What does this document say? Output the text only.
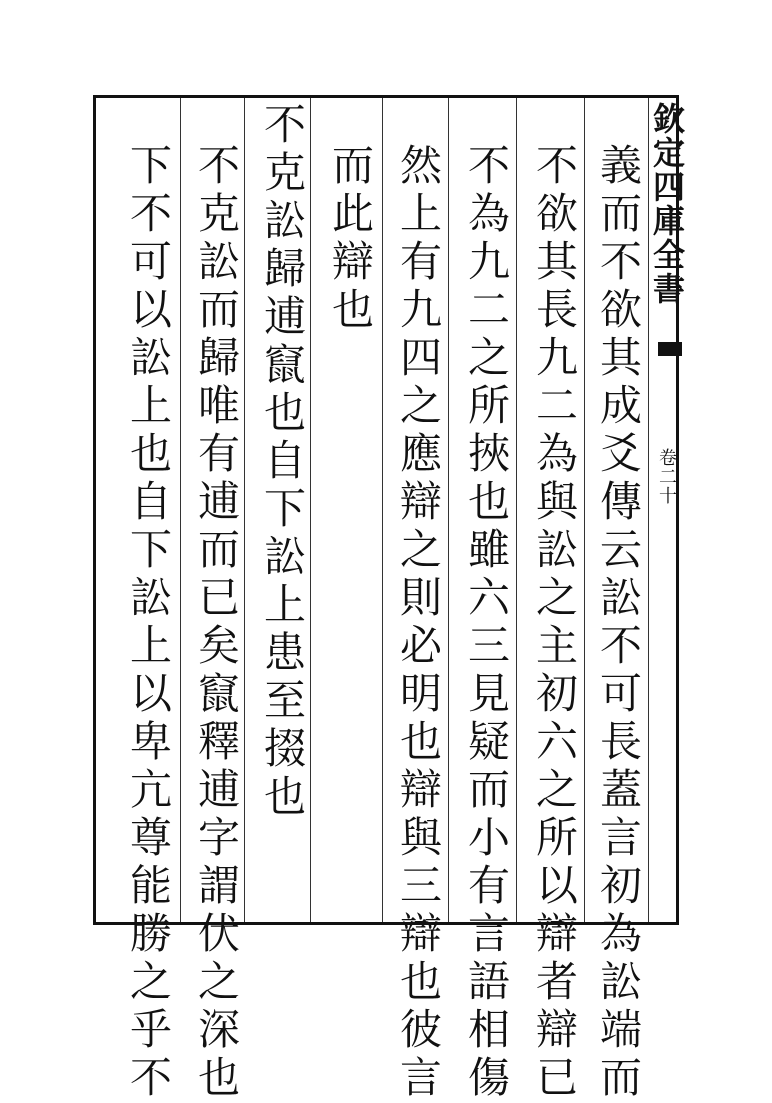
義而不欲其成爻傳云訟不可長蓋言初為訟端而
不欲其長九二為與訟之主初六之所以辯者辯已
不為九二之所挾也雖六三見疑而小有言語相傷
然上有九四之應辯之則必明也辯與三辯也彼言
而此辯也
不克訟歸逋竄也自下訟上患至掇也
不克訟而歸唯有逋而已矣竄釋逋字謂伏之深也
下不可以訟上也自下訟上以卑亢尊能勝之乎不	欽定四庫全書
卷二十
